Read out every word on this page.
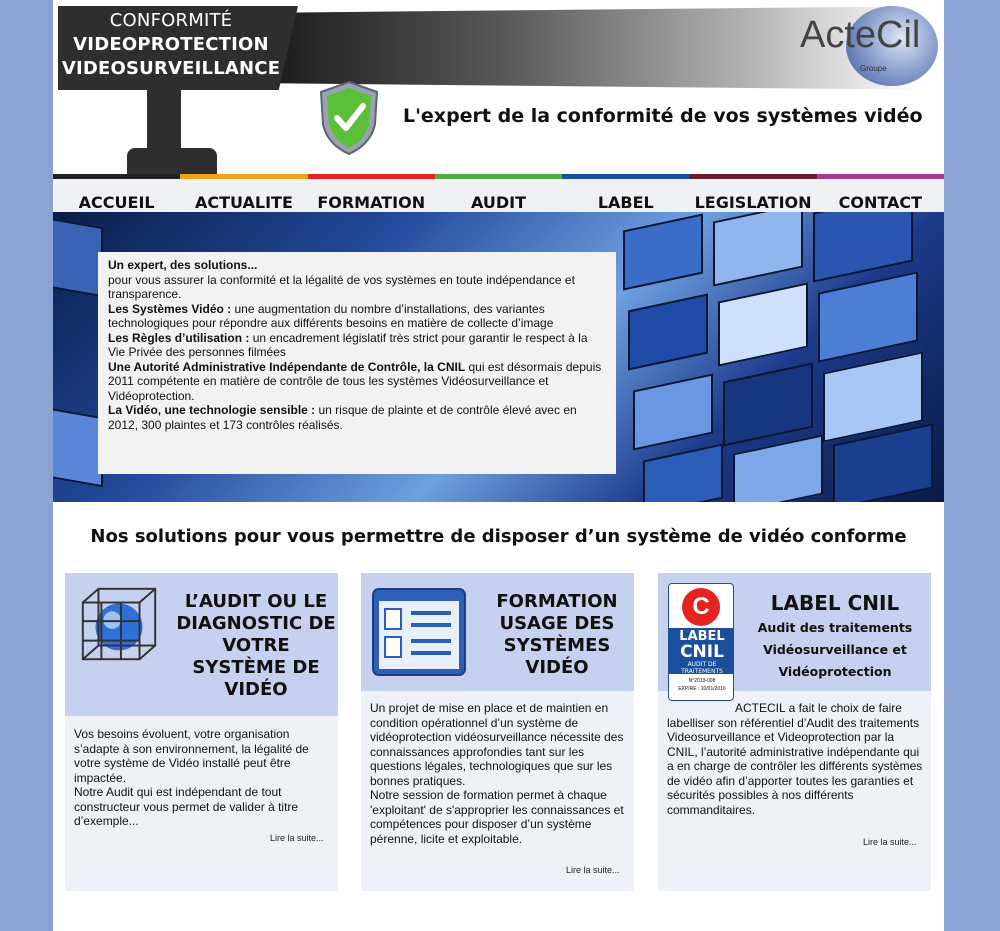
CONFORMITÉ
VIDEOPROTECTION
VIDEOSURVEILLANCE
ActeCil
Groupe
L'expert de la conformité de vos systèmes vidéo
ACCUEIL	ACTUALITE	FORMATION	AUDIT	LABEL	LEGISLATION	CONTACT
Un expert, des solutions...
pour vous assurer la conformité et la légalité de vos systèmes en toute indépendance et transparence.
Les Systèmes Vidéo : une augmentation du nombre d’installations, des variantes technologiques pour répondre aux différents besoins en matière de collecte d’image
Les Règles d’utilisation : un encadrement législatif très strict pour garantir le respect à la Vie Privée des personnes filmées
Une Autorité Administrative Indépendante de Contrôle, la CNIL qui est désormais depuis 2011 compétente en matière de contrôle de tous les systèmes Vidéosurveillance et Vidéoprotection.
La Vidéo, une technologie sensible : un risque de plainte et de contrôle élevé avec en 2012, 300 plaintes et 173 contrôles réalisés.
Nos solutions pour vous permettre de disposer d’un système de vidéo conforme
L’AUDIT OU LE DIAGNOSTIC DE VOTRE SYSTÈME DE VIDÉO
Vos besoins évoluent, votre organisation s’adapte à son environnement, la légalité de votre système de Vidéo installé peut être impactée.
Notre Audit qui est indépendant de tout constructeur vous permet de valider à titre d’exemple...
Lire la suite...
FORMATION USAGE DES SYSTÈMES VIDÉO
Un projet de mise en place et de maintien en condition opérationnel d’un système de vidéoprotection vidéosurveillance nécessite des connaissances approfondies tant sur les questions légales, technologiques que sur les bonnes pratiques.
Notre session de formation permet à chaque 'exploitant' de s'approprier les connaissances et compétences pour disposer d’un système pérenne, licite et exploitable.
Lire la suite...
C
LABEL
CNIL
AUDIT DE
TRAITEMENTS
N°2013-008
EXPIRE : 10/01/2016
LABEL CNIL
Audit des traitements
Vidéosurveillance et
Vidéoprotection
ACTECIL a fait le choix de faire labelliser son référentiel d’Audit des traitements Videosurveillance et Videoprotection par la CNIL, l’autorité administrative indépendante qui a en charge de contrôler les différents systèmes de vidéo afin d’apporter toutes les garanties et sécurités possibles à nos différents commanditaires.
Lire la suite...
